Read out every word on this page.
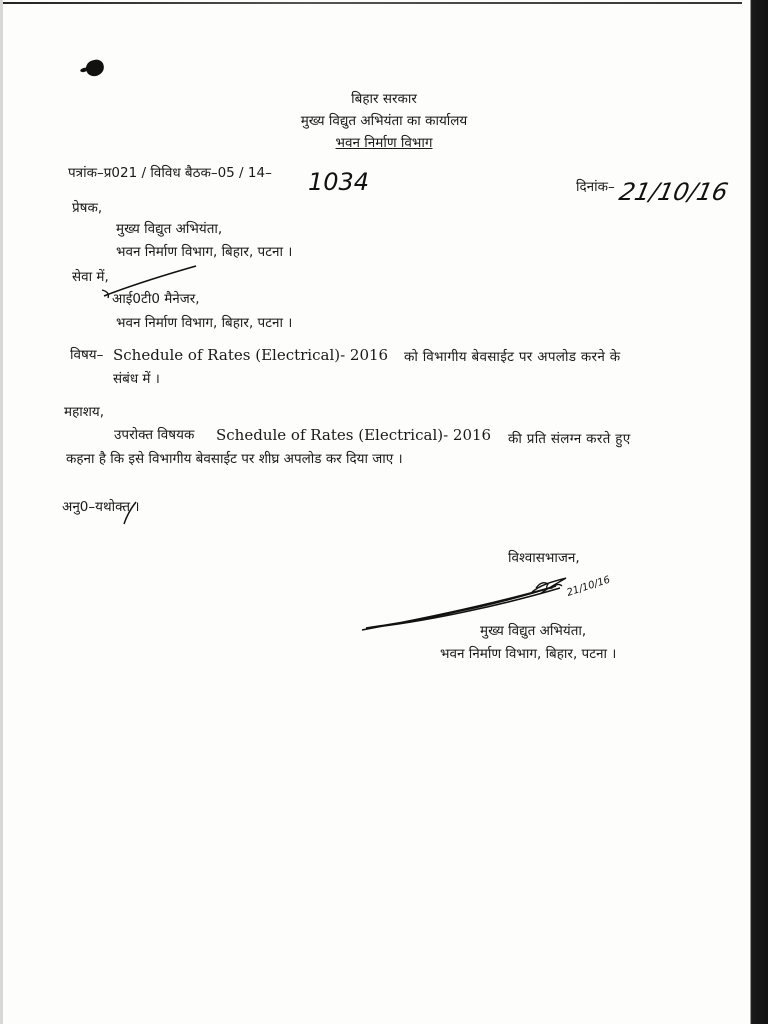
बिहार सरकार
मुख्य विद्युत अभियंता का कार्यालय
भवन निर्माण विभाग
पत्रांक–प्र021 / विविध बैठक–05 / 14– 1034	दिनांक– 21/10/16
प्रेषक,
मुख्य विद्युत अभियंता,
भवन निर्माण विभाग, बिहार, पटना ।
सेवा में,
आई0टी0 मैनेजर,
भवन निर्माण विभाग, बिहार, पटना ।
विषय– Schedule of Rates (Electrical)- 2016 को विभागीय बेवसाईट पर अपलोड करने के
संबंध में ।
महाशय,
उपरोक्त विषयक Schedule of Rates (Electrical)- 2016 की प्रति संलग्न करते हुए
कहना है कि इसे विभागीय बेवसाईट पर शीघ्र अपलोड कर दिया जाए ।
अनु0–यथोक्त ।
विश्वासभाजन,
21/10/16
मुख्य विद्युत अभियंता,
भवन निर्माण विभाग, बिहार, पटना ।
